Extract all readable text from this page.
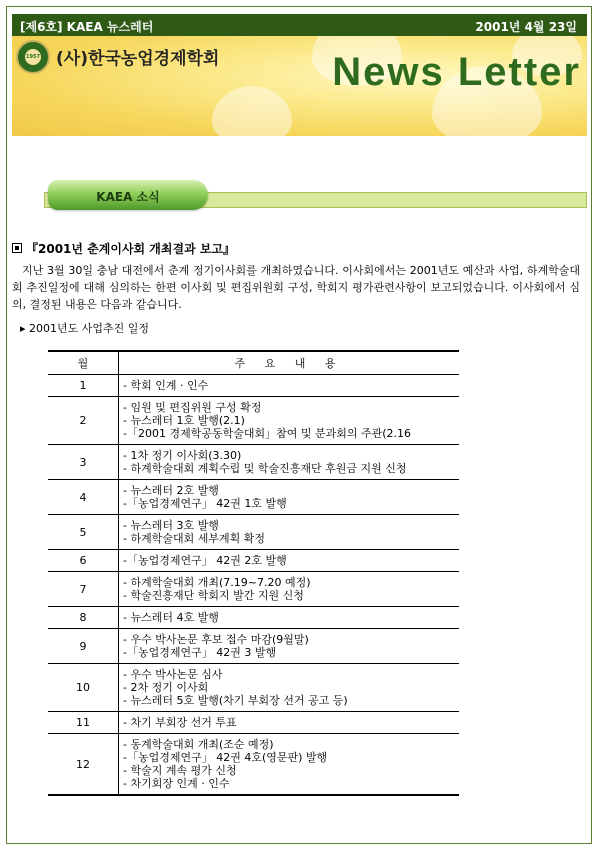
[제6호] KAEA 뉴스레터	2001년 4월 23일
1957 (사)한국농업경제학회	News Letter
KAEA 소식
『2001년 춘계이사회 개최결과 보고』
지난 3월 30일 충남 대전에서 춘계 정기이사회를 개최하였습니다. 이사회에서는 2001년도 예산과 사업, 하계학술대회 추진일정에 대해 심의하는 한편 이사회 및 편집위원회 구성, 학회지 평가관련사항이 보고되었습니다. 이사회에서 심의, 결정된 내용은 다음과 같습니다.
▸ 2001년도 사업추진 일정
월	주 요 내 용
1	- 학회 인계 · 인수

2	- 임원 및 편집위원 구성 확정
- 뉴스레터 1호 발행(2.1)
-「2001 경제학공동학술대회」참여 및 분과회의 주관(2.16

3	- 1차 정기 이사회(3.30)
- 하계학술대회 계획수립 및 학술진흥재단 후원금 지원 신청

4	- 뉴스레터 2호 발행
-「농업경제연구」 42권 1호 발행

5	- 뉴스레터 3호 발행
- 하계학술대회 세부계획 확정

6	-「농업경제연구」 42권 2호 발행

7	- 하계학술대회 개최(7.19~7.20 예정)
- 학술진흥재단 학회지 발간 지원 신청

8	- 뉴스레터 4호 발행

9	- 우수 박사논문 후보 접수 마감(9월말)
-「농업경제연구」 42권 3 발행

10	- 우수 박사논문 심사
- 2차 정기 이사회
- 뉴스레터 5호 발행(차기 부회장 선거 공고 등)

11	- 차기 부회장 선거 투표

12	- 동계학술대회 개최(조순 예정)
-「농업경제연구」 42권 4호(영문판) 발행
- 학술지 계속 평가 신청
- 차기회장 인계 · 인수
